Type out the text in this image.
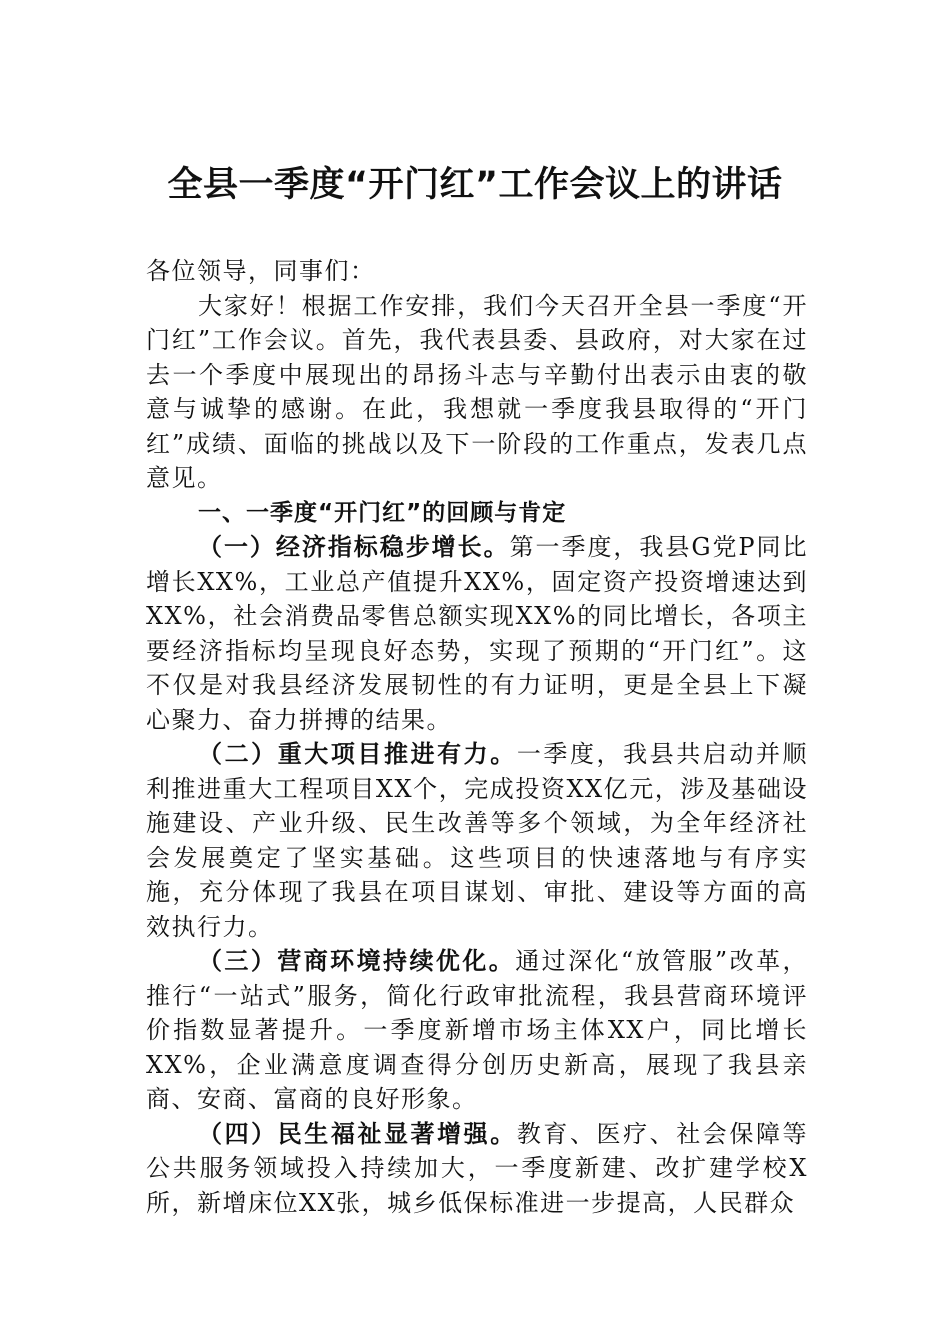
全县一季度“开门红”工作会议上的讲话

各位领导，同事们：

大家好！根据工作安排，我们今天召开全县一季度“开门红”工作会议。首先，我代表县委、县政府，对大家在过去一个季度中展现出的昂扬斗志与辛勤付出表示由衷的敬意与诚挚的感谢。在此，我想就一季度我县取得的“开门红”成绩、面临的挑战以及下一阶段的工作重点，发表几点意见。

一、一季度“开门红”的回顾与肯定

（一）经济指标稳步增长。第一季度，我县G党P同比增长XX%，工业总产值提升XX%，固定资产投资增速达到XX%，社会消费品零售总额实现XX%的同比增长，各项主要经济指标均呈现良好态势，实现了预期的“开门红”。这不仅是对我县经济发展韧性的有力证明，更是全县上下凝心聚力、奋力拼搏的结果。

（二）重大项目推进有力。一季度，我县共启动并顺利推进重大工程项目XX个，完成投资XX亿元，涉及基础设施建设、产业升级、民生改善等多个领域，为全年经济社会发展奠定了坚实基础。这些项目的快速落地与有序实施，充分体现了我县在项目谋划、审批、建设等方面的高效执行力。

（三）营商环境持续优化。通过深化“放管服”改革，推行“一站式”服务，简化行政审批流程，我县营商环境评价指数显著提升。一季度新增市场主体XX户，同比增长XX%，企业满意度调查得分创历史新高，展现了我县亲商、安商、富商的良好形象。

（四）民生福祉显著增强。教育、医疗、社会保障等公共服务领域投入持续加大，一季度新建、改扩建学校X所，新增床位XX张，城乡低保标准进一步提高，人民群众
